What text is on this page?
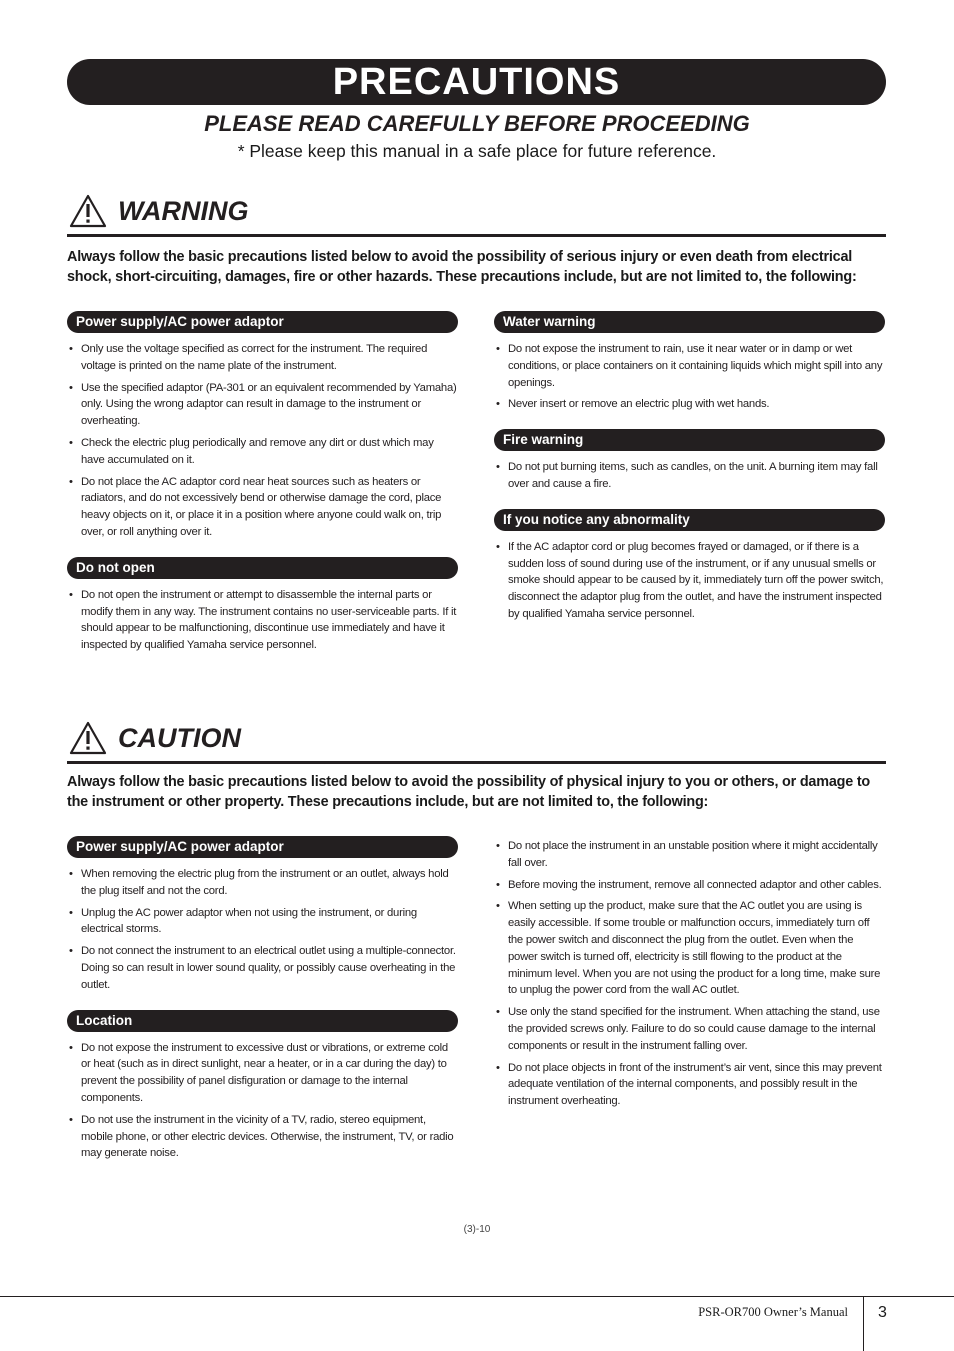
PRECAUTIONS
PLEASE READ CAREFULLY BEFORE PROCEEDING
* Please keep this manual in a safe place for future reference.
WARNING
Always follow the basic precautions listed below to avoid the possibility of serious injury or even death from electrical shock, short-circuiting, damages, fire or other hazards. These precautions include, but are not limited to, the following:
Power supply/AC power adaptor
• Only use the voltage specified as correct for the instrument. The required voltage is printed on the name plate of the instrument.
• Use the specified adaptor (PA-301 or an equivalent recommended by Yamaha) only. Using the wrong adaptor can result in damage to the instrument or overheating.
• Check the electric plug periodically and remove any dirt or dust which may have accumulated on it.
• Do not place the AC adaptor cord near heat sources such as heaters or radiators, and do not excessively bend or otherwise damage the cord, place heavy objects on it, or place it in a position where anyone could walk on, trip over, or roll anything over it.
Do not open
• Do not open the instrument or attempt to disassemble the internal parts or modify them in any way. The instrument contains no user-serviceable parts. If it should appear to be malfunctioning, discontinue use immediately and have it inspected by qualified Yamaha service personnel.
Water warning
• Do not expose the instrument to rain, use it near water or in damp or wet conditions, or place containers on it containing liquids which might spill into any openings.
• Never insert or remove an electric plug with wet hands.
Fire warning
• Do not put burning items, such as candles, on the unit. A burning item may fall over and cause a fire.
If you notice any abnormality
• If the AC adaptor cord or plug becomes frayed or damaged, or if there is a sudden loss of sound during use of the instrument, or if any unusual smells or smoke should appear to be caused by it, immediately turn off the power switch, disconnect the adaptor plug from the outlet, and have the instrument inspected by qualified Yamaha service personnel.
CAUTION
Always follow the basic precautions listed below to avoid the possibility of physical injury to you or others, or damage to the instrument or other property. These precautions include, but are not limited to, the following:
Power supply/AC power adaptor
• When removing the electric plug from the instrument or an outlet, always hold the plug itself and not the cord.
• Unplug the AC power adaptor when not using the instrument, or during electrical storms.
• Do not connect the instrument to an electrical outlet using a multiple-connector. Doing so can result in lower sound quality, or possibly cause overheating in the outlet.
Location
• Do not expose the instrument to excessive dust or vibrations, or extreme cold or heat (such as in direct sunlight, near a heater, or in a car during the day) to prevent the possibility of panel disfiguration or damage to the internal components.
• Do not use the instrument in the vicinity of a TV, radio, stereo equipment, mobile phone, or other electric devices. Otherwise, the instrument, TV, or radio may generate noise.
• Do not place the instrument in an unstable position where it might accidentally fall over.
• Before moving the instrument, remove all connected adaptor and other cables.
• When setting up the product, make sure that the AC outlet you are using is easily accessible. If some trouble or malfunction occurs, immediately turn off the power switch and disconnect the plug from the outlet. Even when the power switch is turned off, electricity is still flowing to the product at the minimum level. When you are not using the product for a long time, make sure to unplug the power cord from the wall AC outlet.
• Use only the stand specified for the instrument. When attaching the stand, use the provided screws only. Failure to do so could cause damage to the internal components or result in the instrument falling over.
• Do not place objects in front of the instrument’s air vent, since this may prevent adequate ventilation of the internal components, and possibly result in the instrument overheating.
(3)-10
PSR-OR700 Owner’s Manual 3
